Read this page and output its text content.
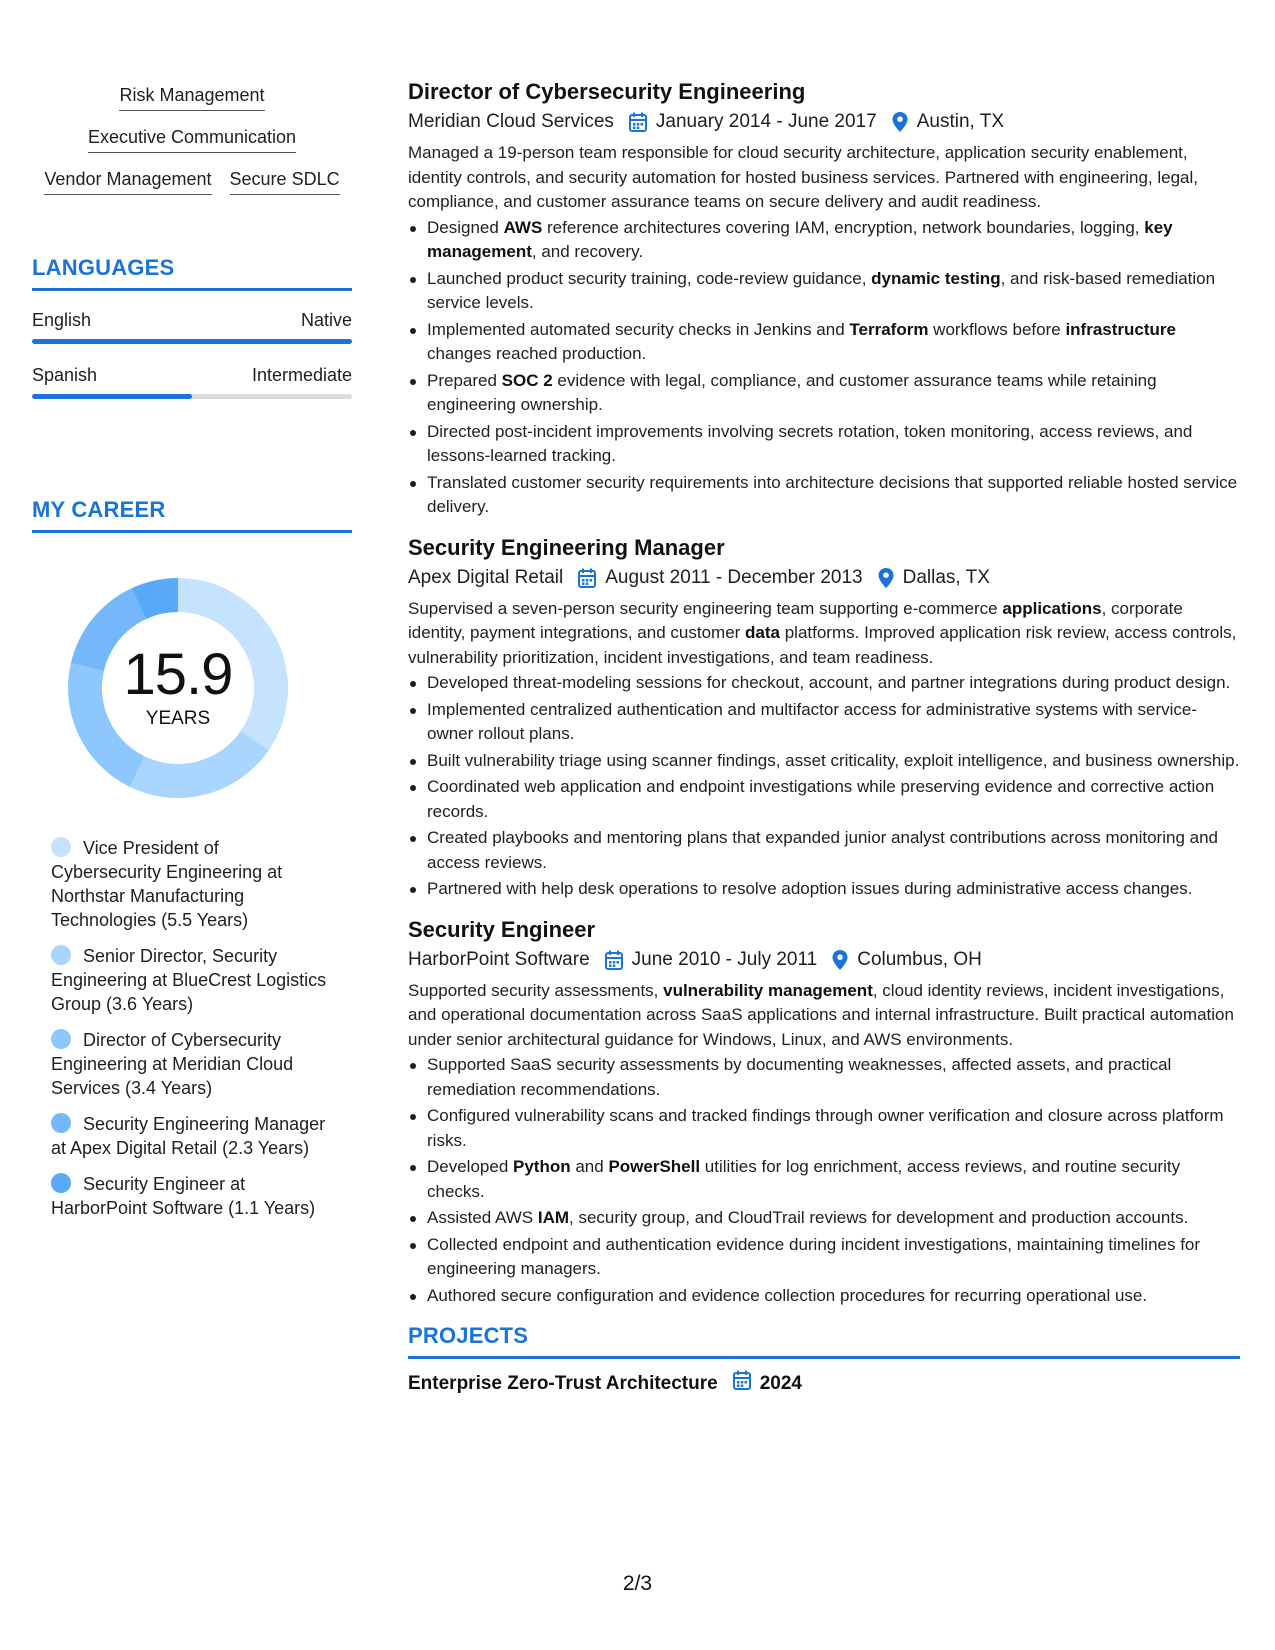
Risk Management
Executive Communication
Vendor Management Secure SDLC
LANGUAGES
English	Native
Spanish	Intermediate
MY CAREER
15.9
YEARS
Vice President of Cybersecurity Engineering at Northstar Manufacturing Technologies (5.5 Years)
Senior Director, Security Engineering at BlueCrest Logistics Group (3.6 Years)
Director of Cybersecurity Engineering at Meridian Cloud Services (3.4 Years)
Security Engineering Manager at Apex Digital Retail (2.3 Years)
Security Engineer at HarborPoint Software (1.1 Years)
Director of Cybersecurity Engineering
Meridian Cloud Services January 2014 - June 2017 Austin, TX
Managed a 19-person team responsible for cloud security architecture, application security enablement, identity controls, and security automation for hosted business services. Partnered with engineering, legal, compliance, and customer assurance teams on secure delivery and audit readiness.
Designed AWS reference architectures covering IAM, encryption, network boundaries, logging, key management, and recovery.
Launched product security training, code-review guidance, dynamic testing, and risk-based remediation service levels.
Implemented automated security checks in Jenkins and Terraform workflows before infrastructure changes reached production.
Prepared SOC 2 evidence with legal, compliance, and customer assurance teams while retaining engineering ownership.
Directed post-incident improvements involving secrets rotation, token monitoring, access reviews, and lessons-learned tracking.
Translated customer security requirements into architecture decisions that supported reliable hosted service delivery.
Security Engineering Manager
Apex Digital Retail August 2011 - December 2013 Dallas, TX
Supervised a seven-person security engineering team supporting e-commerce applications, corporate identity, payment integrations, and customer data platforms. Improved application risk review, access controls, vulnerability prioritization, incident investigations, and team readiness.
Developed threat-modeling sessions for checkout, account, and partner integrations during product design.
Implemented centralized authentication and multifactor access for administrative systems with service-owner rollout plans.
Built vulnerability triage using scanner findings, asset criticality, exploit intelligence, and business ownership.
Coordinated web application and endpoint investigations while preserving evidence and corrective action records.
Created playbooks and mentoring plans that expanded junior analyst contributions across monitoring and access reviews.
Partnered with help desk operations to resolve adoption issues during administrative access changes.
Security Engineer
HarborPoint Software June 2010 - July 2011 Columbus, OH
Supported security assessments, vulnerability management, cloud identity reviews, incident investigations, and operational documentation across SaaS applications and internal infrastructure. Built practical automation under senior architectural guidance for Windows, Linux, and AWS environments.
Supported SaaS security assessments by documenting weaknesses, affected assets, and practical remediation recommendations.
Configured vulnerability scans and tracked findings through owner verification and closure across platform risks.
Developed Python and PowerShell utilities for log enrichment, access reviews, and routine security checks.
Assisted AWS IAM, security group, and CloudTrail reviews for development and production accounts.
Collected endpoint and authentication evidence during incident investigations, maintaining timelines for engineering managers.
Authored secure configuration and evidence collection procedures for recurring operational use.
PROJECTS
Enterprise Zero-Trust Architecture 2024
2/3
